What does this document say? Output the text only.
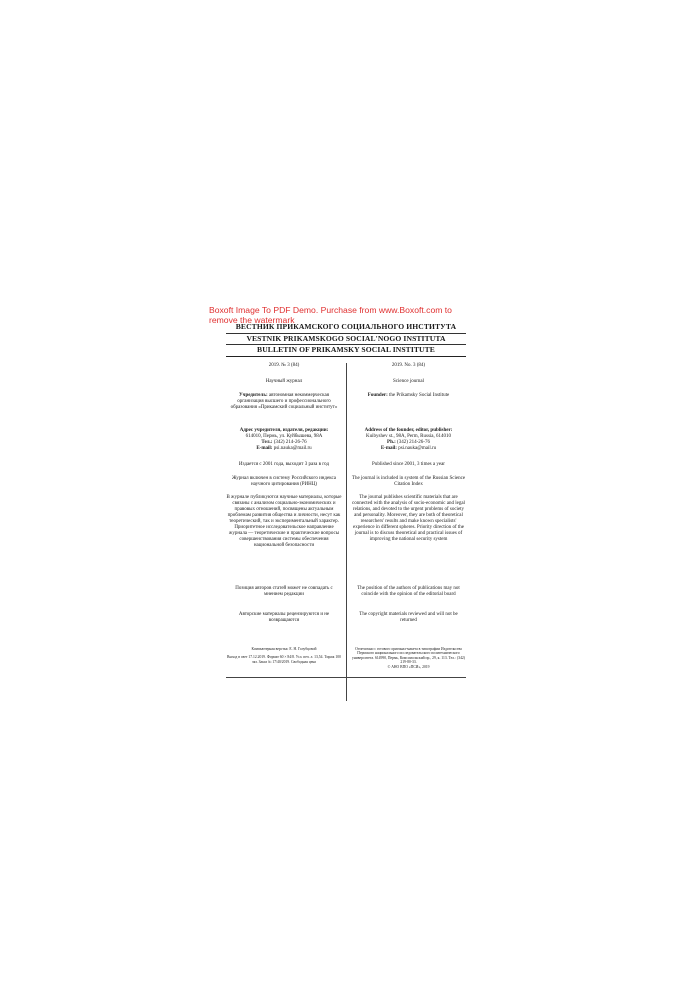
Boxoft Image To PDF Demo. Purchase from www.Boxoft.com to remove the watermark
ВЕСТНИК ПРИКАМСКОГО СОЦИАЛЬНОГО ИНСТИТУТА
VESTNIK PRIKAMSKOGO SOCIAL'NOGO INSTITUTA
BULLETIN OF PRIKAMSKY SOCIAL INSTITUTE
2019. № 3 (84)
Научный журнал
Учредитель: автономная некоммерческая организация высшего и профессионального образования «Прикамский социальный институт»
Адрес учредителя, издателя, редакции:
614010, Пермь, ул. Куйбышева, 98А
Тел.: (342) 214-26-76
E-mail: psi.nauka@mail.ru
Издается с 2001 года, выходит 3 раза в год
Журнал включен в систему Российского индекса научного цитирования (РИНЦ)
В журнале публикуются научные материалы, которые связаны с анализом социально-экономических и правовых отношений, посвящены актуальным проблемам развития общества и личности, несут как теоретический, так и экспериментальный характер. Приоритетное исследовательское направление журнала — теоретические и практические вопросы совершенствования системы обеспечения национальной безопасности
Позиция авторов статей может не совпадать с мнением редакции
Авторские материалы рецензируются и не возвращаются
Компьютерная верстка: Е. Н. Голубцовой
Выход в свет 17.12.2019. Формат 60 × 84/8. Усл. печ. л. 13,54. Тираж 100 экз. Заказ № 17/40/2019. Свободная цена
2019. No. 3 (84)
Science journal
Founder: the Prikamsky Social Institute
Address of the founder, editor, publisher:
Kuibyshev st., 98A, Perm, Russia, 614010
Ph.: (342) 214-26-76
E-mail: psi.nauka@mail.ru
Published since 2001, 3 times a year
The journal is included in system of the Russian Science Citation Index
The journal publishes scientific materials that are connected with the analysis of socio-economic and legal relations, and devoted to the urgent problems of society and personality. Moreover, they are both of theoretical researchers' results and make known specialists' experience in different spheres. Priority direction of the journal is to discuss theoretical and practical issues of improving the national security system
The position of the authors of publications may not coincide with the opinion of the editorial board
The copyright materials reviewed and will not be returned
Отпечатано с готового оригинал-макета в типографии Издательства Пермского национального исследовательского политехнического университета. 614990, Пермь, Комсомольский пр., 29, к. 113. Тел.: (342) 219-80-33.
© АНО ВПО «ПСИ», 2019
